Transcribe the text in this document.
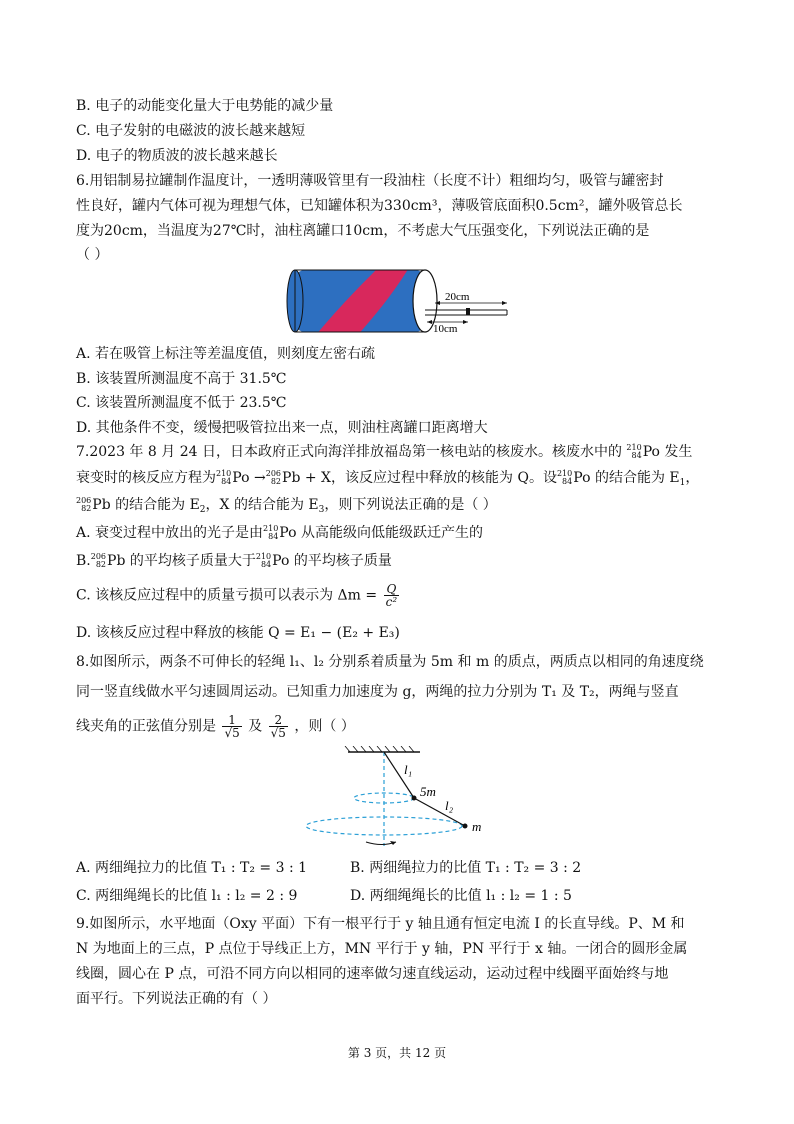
B. 电子的动能变化量大于电势能的减少量
C. 电子发射的电磁波的波长越来越短
D. 电子的物质波的波长越来越长
6.用铝制易拉罐制作温度计，一透明薄吸管里有一段油柱（长度不计）粗细均匀，吸管与罐密封
性良好，罐内气体可视为理想气体，已知罐体积为330cm³，薄吸管底面积0.5cm²，罐外吸管总长
度为20cm，当温度为27℃时，油柱离罐口10cm，不考虑大气压强变化，下列说法正确的是
（ ）
20cm
10cm
A. 若在吸管上标注等差温度值，则刻度左密右疏
B. 该装置所测温度不高于 31.5℃
C. 该装置所测温度不低于 23.5℃
D. 其他条件不变，缓慢把吸管拉出来一点，则油柱离罐口距离增大
7.2023 年 8 月 24 日，日本政府正式向海洋排放福岛第一核电站的核废水。核废水中的 210
84 Po 发生
衰变时的核反应方程为 210
84 Po → 206
82 Pb + X，该反应过程中释放的核能为 Q。设 210
84 Po 的结合能为 $E_1$，
206
82 Pb 的结合能为 $E_2$，X 的结合能为 $E_3$，则下列说法正确的是（ ）
A. 衰变过程中放出的光子是由 210
84 Po 从高能级向低能级跃迁产生的
B. 206
82 Pb 的平均核子质量大于 210
84 Po 的平均核子质量
C. 该核反应过程中的质量亏损可以表示为 $\Delta m = \frac{Q}{\text{c²}}$
D. 该核反应过程中释放的核能 Q = E₁ − (E₂ + E₃)
8.如图所示，两条不可伸长的轻绳 l₁、l₂ 分别系着质量为 5m 和 m 的质点，两质点以相同的角速度绕
同一竖直线做水平匀速圆周运动。已知重力加速度为 g，两绳的拉力分别为 T₁ 及 T₂，两绳与竖直
线夹角的正弦值分别是 $\frac{1}{√5}$ 及 $\frac{2}{√5}$ ，则（ ）
l₁
5m
l₂
m
A. 两细绳拉力的比值 T₁ : T₂ = 3 : 1	B. 两细绳拉力的比值 T₁ : T₂ = 3 : 2
C. 两细绳绳长的比值 l₁ : l₂ = 2 : 9	D. 两细绳绳长的比值 l₁ : l₂ = 1 : 5
9.如图所示，水平地面（Oxy 平面）下有一根平行于 y 轴且通有恒定电流 I 的长直导线。P、M 和
N 为地面上的三点，P 点位于导线正上方，MN 平行于 y 轴，PN 平行于 x 轴。一闭合的圆形金属
线圈，圆心在 P 点，可沿不同方向以相同的速率做匀速直线运动，运动过程中线圈平面始终与地
面平行。下列说法正确的有（ ）
第 3 页，共 12 页
